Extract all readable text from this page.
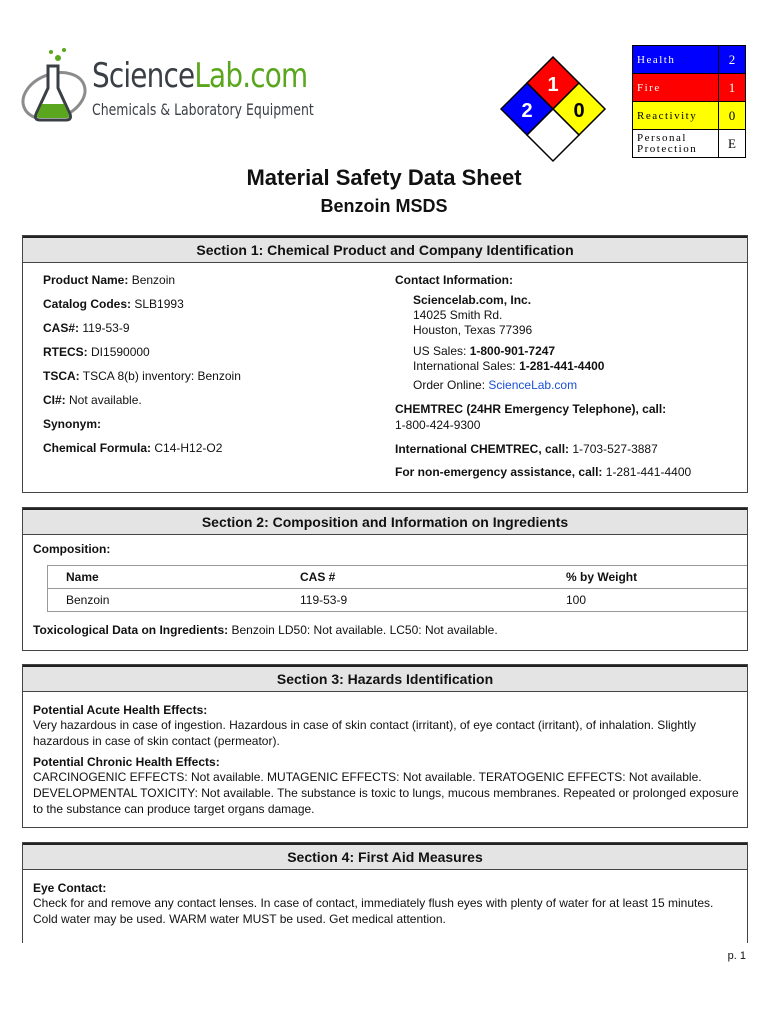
ScienceLab.com
Chemicals & Laboratory Equipment
1
2 0
Health	2
Fire	1
Reactivity	0
Personal
Protection	E
Material Safety Data Sheet
Benzoin MSDS
Section 1: Chemical Product and Company Identification
Product Name: Benzoin
Catalog Codes: SLB1993
CAS#: 119-53-9
RTECS: DI1590000
TSCA: TSCA 8(b) inventory: Benzoin
CI#: Not available.
Synonym:
Chemical Formula: C14-H12-O2
Contact Information:
Sciencelab.com, Inc.
14025 Smith Rd.
Houston, Texas 77396
US Sales: 1-800-901-7247
International Sales: 1-281-441-4400
Order Online: ScienceLab.com
CHEMTREC (24HR Emergency Telephone), call:
1-800-424-9300
International CHEMTREC, call: 1-703-527-3887
For non-emergency assistance, call: 1-281-441-4400
Section 2: Composition and Information on Ingredients
Composition:
Name	CAS #	% by Weight
Benzoin	119-53-9	100
Toxicological Data on Ingredients: Benzoin LD50: Not available. LC50: Not available.
Section 3: Hazards Identification
Potential Acute Health Effects:
Very hazardous in case of ingestion. Hazardous in case of skin contact (irritant), of eye contact (irritant), of inhalation. Slightly hazardous in case of skin contact (permeator).
Potential Chronic Health Effects:
CARCINOGENIC EFFECTS: Not available. MUTAGENIC EFFECTS: Not available. TERATOGENIC EFFECTS: Not available. DEVELOPMENTAL TOXICITY: Not available. The substance is toxic to lungs, mucous membranes. Repeated or prolonged exposure to the substance can produce target organs damage.
Section 4: First Aid Measures
Eye Contact:
Check for and remove any contact lenses. In case of contact, immediately flush eyes with plenty of water for at least 15 minutes. Cold water may be used. WARM water MUST be used. Get medical attention.
p. 1
